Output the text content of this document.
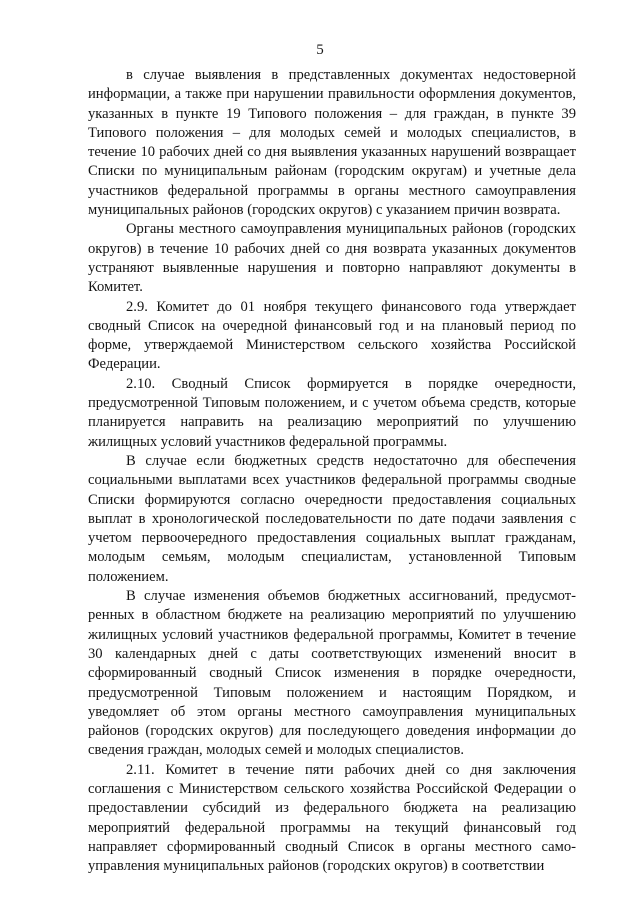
5

в случае выявления в представленных документах недостоверной информации, а также при нарушении правильности оформления документов, указанных в пункте 19 Типового положения – для граждан, в пункте 39 Типового положения – для молодых семей и молодых специалистов, в течение 10 рабочих дней со дня выявления указанных нарушений возвращает Списки по муниципальным районам (городским округам) и учетные дела участников федеральной программы в органы местного самоуправления муниципальных районов (городских округов) с указанием причин возврата.

Органы местного самоуправления муниципальных районов (городских округов) в течение 10 рабочих дней со дня возврата указанных документов устраняют выявленные нарушения и повторно направляют документы в Комитет.

2.9. Комитет до 01 ноября текущего финансового года утверждает сводный Список на очередной финансовый год и на плановый период по форме, утверждаемой Министерством сельского хозяйства Российской Федерации.

2.10. Сводный Список формируется в порядке очередности, предусмотренной Типовым положением, и с учетом объема средств, которые планируется направить на реализацию мероприятий по улучшению жилищных условий участников федеральной программы.

В случае если бюджетных средств недостаточно для обеспечения социальными выплатами всех участников федеральной программы сводные Списки формируются согласно очередности предоставления социальных выплат в хронологической последовательности по дате подачи заявления с учетом первоочередного предоставления социальных выплат гражданам, молодым семьям, молодым специалистам, установленной Типовым положением.

В случае изменения объемов бюджетных ассигнований, предусмотренных в областном бюджете на реализацию мероприятий по улучшению жилищных условий участников федеральной программы, Комитет в течение 30 календарных дней с даты соответствующих изменений вносит в сформированный сводный Список изменения в порядке очередности, предусмотренной Типовым положением и настоящим Порядком, и уведомляет об этом органы местного самоуправления муниципальных районов (городских округов) для последующего доведения информации до сведения граждан, молодых семей и молодых специалистов.

2.11. Комитет в течение пяти рабочих дней со дня заключения соглашения с Министерством сельского хозяйства Российской Федерации о предоставлении субсидий из федерального бюджета на реализацию мероприятий федеральной программы на текущий финансовый год направляет сформированный сводный Список в органы местного самоуправления муниципальных районов (городских округов) в соответствии
